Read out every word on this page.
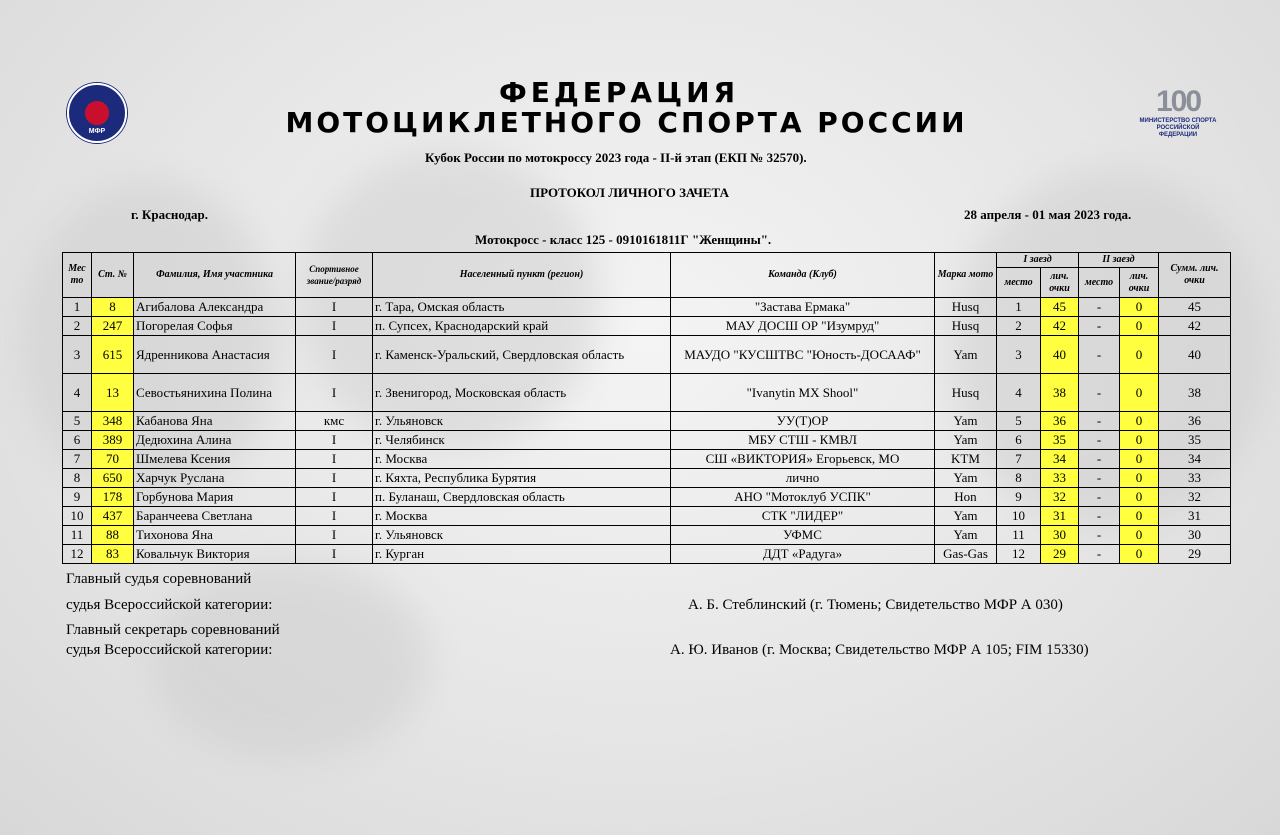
МФР
100
МИНИСТЕРСТВО СПОРТА РОССИЙСКОЙ ФЕДЕРАЦИИ
ФЕДЕРАЦИЯ
МОТОЦИКЛЕТНОГО СПОРТА РОССИИ
Кубок России по мотокроссу 2023 года - II-й этап (ЕКП № 32570).
ПРОТОКОЛ ЛИЧНОГО ЗАЧЕТА
г. Краснодар.	28 апреля - 01 мая 2023 года.
Мотокросс - класс 125 - 0910161811Г "Женщины".
Мес то	Ст. №	Фамилия, Имя участника	Спортивное звание/разряд	Населенный пункт (регион)	Команда (Клуб)	Марка мото	I заезд		II заезд		Сумм. лич. очки
							место	лич. очки	место	лич. очки	
1	8	Агибалова Александра	I	г. Тара, Омская область	"Застава Ермака"	Husq	1	45	-	0	45
2	247	Погорелая Софья	I	п. Супсех, Краснодарский край	МАУ ДОСШ ОР "Изумруд"	Husq	2	42	-	0	42
3	615	Ядренникова Анастасия	I	г. Каменск-Уральский, Свердловская область	МАУДО "КУСШТВС "Юность-ДОСААФ"	Yam	3	40	-	0	40
4	13	Севостьянихина Полина	I	г. Звенигород, Московская область	"Ivanytin MX Shool"	Husq	4	38	-	0	38
5	348	Кабанова Яна	кмс	г. Ульяновск	УУ(Т)ОР	Yam	5	36	-	0	36
6	389	Дедюхина Алина	I	г. Челябинск	МБУ СТШ - КМВЛ	Yam	6	35	-	0	35
7	70	Шмелева Ксения	I	г. Москва	СШ «ВИКТОРИЯ» Егорьевск, МО	KTM	7	34	-	0	34
8	650	Харчук Руслана	I	г. Кяхта, Республика Бурятия	лично	Yam	8	33	-	0	33
9	178	Горбунова Мария	I	п. Буланаш, Свердловская область	АНО "Мотоклуб УСПК"	Hon	9	32	-	0	32
10	437	Баранчеева Светлана	I	г. Москва	СТК "ЛИДЕР"	Yam	10	31	-	0	31
11	88	Тихонова Яна	I	г. Ульяновск	УФМС	Yam	11	30	-	0	30
12	83	Ковальчук Виктория	I	г. Курган	ДДТ «Радуга»	Gas-Gas	12	29	-	0	29
Главный судья соревнований
судья Всероссийской категории:	А. Б. Стеблинский (г. Тюмень; Свидетельство МФР А 030)
Главный секретарь соревнований
судья Всероссийской категории:	А. Ю. Иванов (г. Москва; Свидетельство МФР А 105; FIM 15330)
